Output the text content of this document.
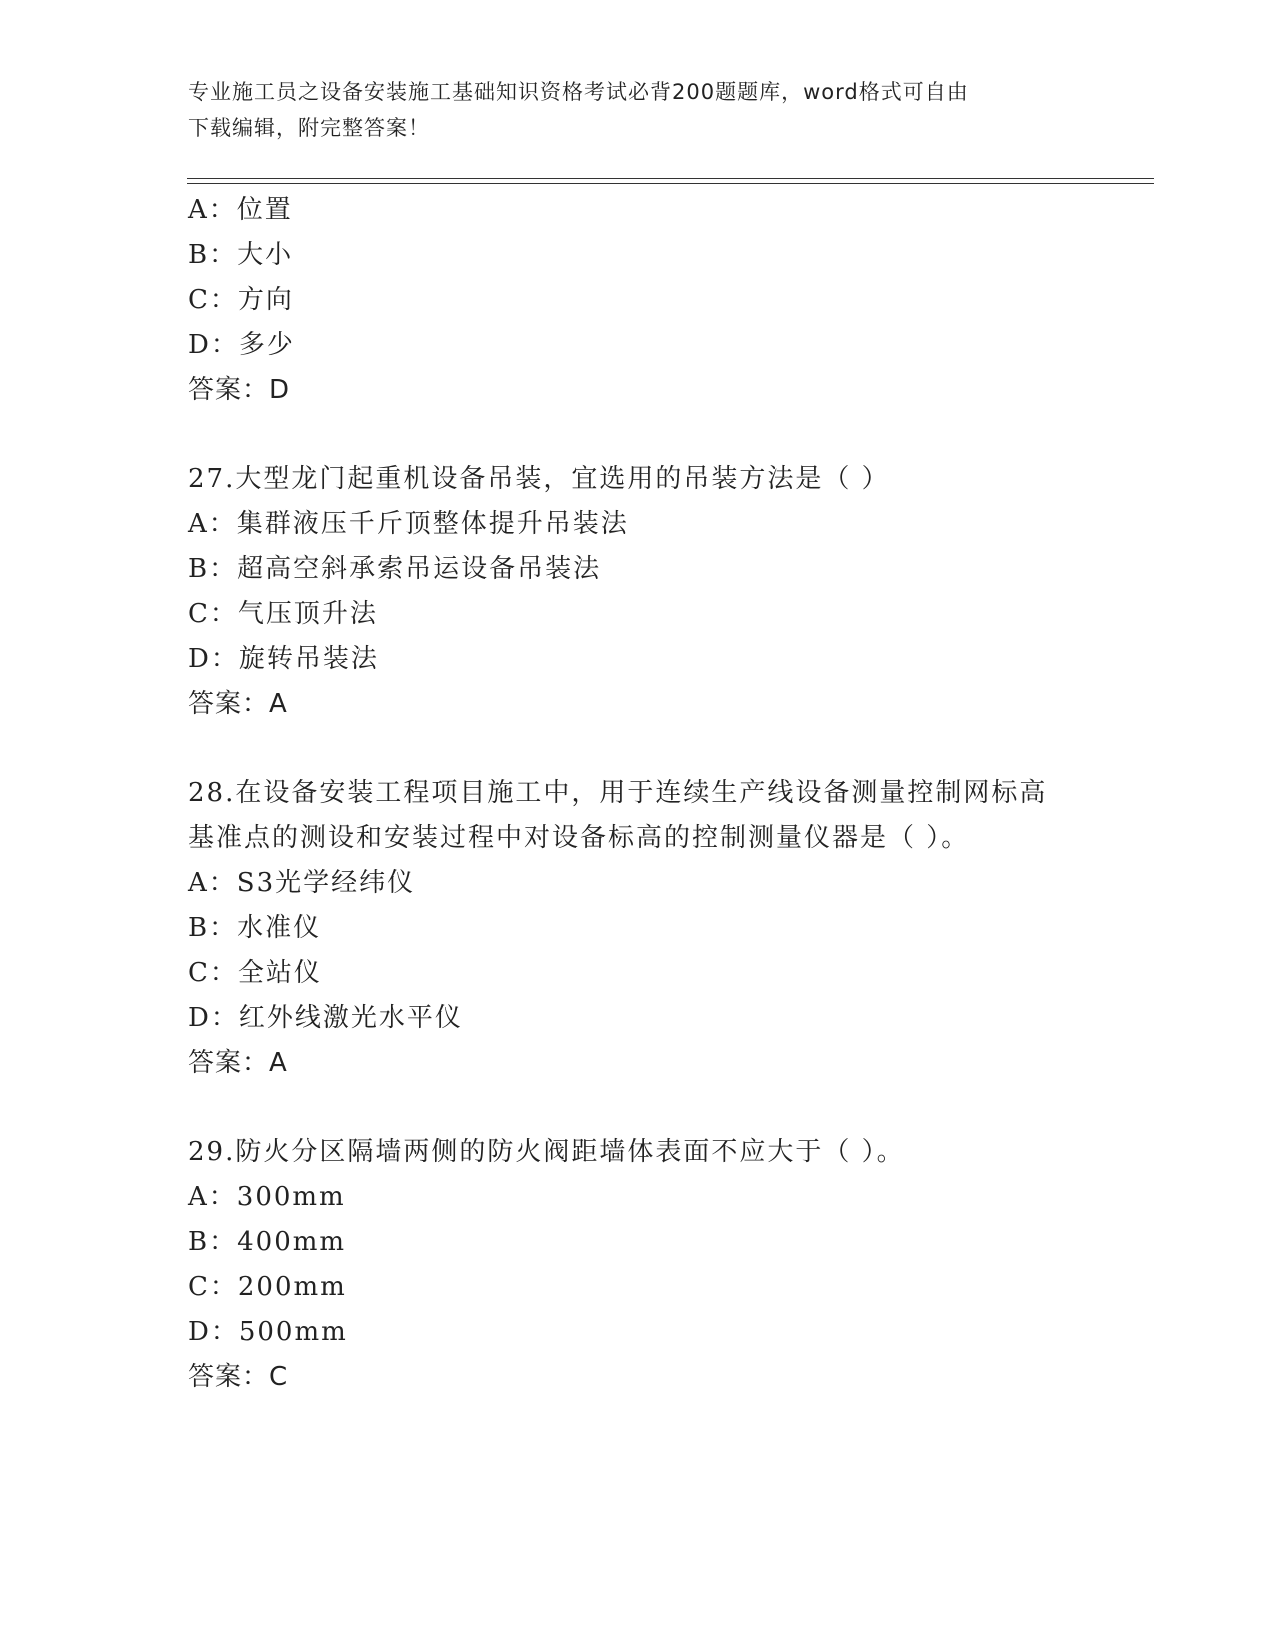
专业施工员之设备安装施工基础知识资格考试必背200题题库，word格式可自由
下载编辑，附完整答案！
A：位置
B：大小
C：方向
D：多少
答案：D
27.大型龙门起重机设备吊装，宜选用的吊装方法是（ ）
A：集群液压千斤顶整体提升吊装法
B：超高空斜承索吊运设备吊装法
C：气压顶升法
D：旋转吊装法
答案：A
28.在设备安装工程项目施工中，用于连续生产线设备测量控制网标高
基准点的测设和安装过程中对设备标高的控制测量仪器是（ ）。
A：S3光学经纬仪
B：水准仪
C：全站仪
D：红外线激光水平仪
答案：A
29.防火分区隔墙两侧的防火阀距墙体表面不应大于（ ）。
A：300mm
B：400mm
C：200mm
D：500mm
答案：C
